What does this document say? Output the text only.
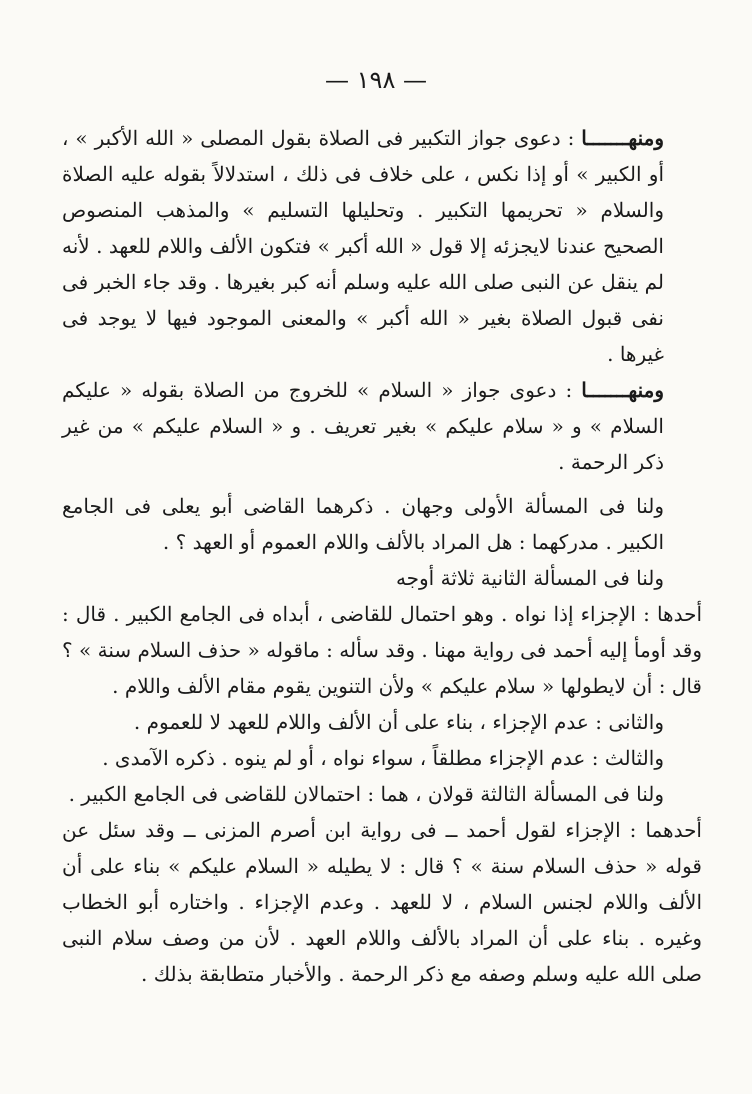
— ١٩٨ —

ومنهـــــــا : دعوى جواز التكبير فى الصلاة بقول المصلى « الله الأكبر » ، أو الكبير » أو إذا نكس ، على خلاف فى ذلك ، استدلالاً بقوله عليه الصلاة والسلام « تحريمها التكبير . وتحليلها التسليم » والمذهب المنصوص الصحيح عندنا لايجزئه إلا قول « الله أكبر » فتكون الألف واللام للعهد . لأنه لم ينقل عن النبى صلى الله عليه وسلم أنه كبر بغيرها . وقد جاء الخبر فى نفى قبول الصلاة بغير « الله أكبر » والمعنى الموجود فيها لا يوجد فى غيرها .

ومنهـــــــا : دعوى جواز « السلام » للخروج من الصلاة بقوله « عليكم السلام » و « سلام عليكم » بغير تعريف . و « السلام عليكم » من غير ذكر الرحمة .

ولنا فى المسألة الأولى وجهان . ذكرهما القاضى أبو يعلى فى الجامع الكبير . مدركهما : هل المراد بالألف واللام العموم أو العهد ؟ .

ولنا فى المسألة الثانية ثلاثة أوجه

أحدها : الإجزاء إذا نواه . وهو احتمال للقاضى ، أبداه فى الجامع الكبير . قال : وقد أومأ إليه أحمد فى رواية مهنا . وقد سأله : ماقوله « حذف السلام سنة » ؟ قال : أن لايطولها « سلام عليكم » ولأن التنوين يقوم مقام الألف واللام .

والثانى : عدم الإجزاء ، بناء على أن الألف واللام للعهد لا للعموم .

والثالث : عدم الإجزاء مطلقاً ، سواء نواه ، أو لم ينوه . ذكره الآمدى .

ولنا فى المسألة الثالثة قولان ، هما : احتمالان للقاضى فى الجامع الكبير .

أحدهما : الإجزاء لقول أحمد ــ فى رواية ابن أصرم المزنى ــ وقد سئل عن قوله « حذف السلام سنة » ؟ قال : لا يطيله « السلام عليكم » بناء على أن الألف واللام لجنس السلام ، لا للعهد . وعدم الإجزاء . واختاره أبو الخطاب وغيره . بناء على أن المراد بالألف واللام العهد . لأن من وصف سلام النبى صلى الله عليه وسلم وصفه مع ذكر الرحمة . والأخبار متطابقة بذلك .
